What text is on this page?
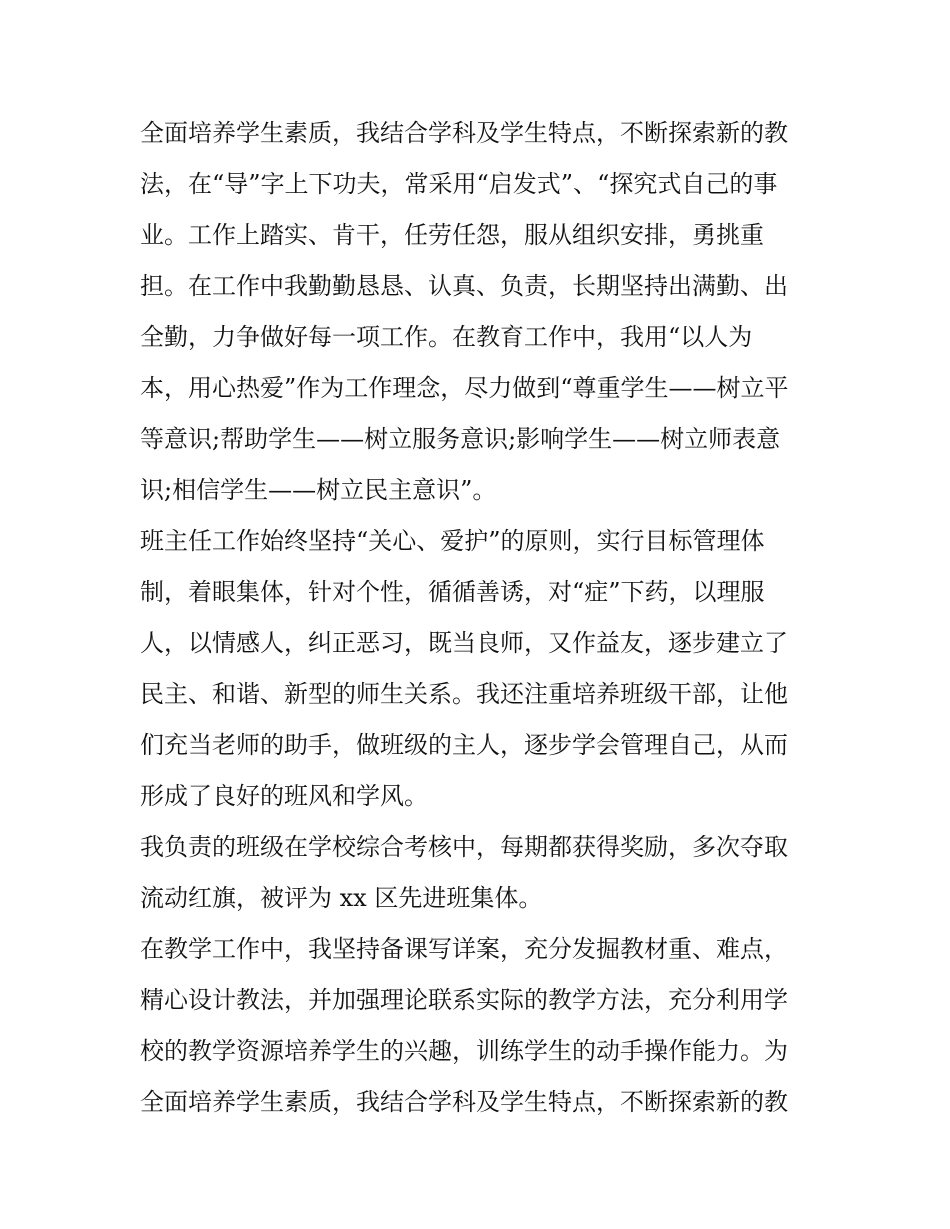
全面培养学生素质，我结合学科及学生特点，不断探索新的教
法，在“导”字上下功夫，常采用“启发式”、“探究式自己的事
业。工作上踏实、肯干，任劳任怨，服从组织安排，勇挑重
担。在工作中我勤勤恳恳、认真、负责，长期坚持出满勤、出
全勤，力争做好每一项工作。在教育工作中，我用“以人为
本，用心热爱”作为工作理念，尽力做到“尊重学生——树立平
等意识;帮助学生——树立服务意识;影响学生——树立师表意
识;相信学生——树立民主意识”。
班主任工作始终坚持“关心、爱护”的原则，实行目标管理体
制，着眼集体，针对个性，循循善诱，对“症”下药，以理服
人，以情感人，纠正恶习，既当良师，又作益友，逐步建立了
民主、和谐、新型的师生关系。我还注重培养班级干部，让他
们充当老师的助手，做班级的主人，逐步学会管理自己，从而
形成了良好的班风和学风。
我负责的班级在学校综合考核中，每期都获得奖励，多次夺取
流动红旗，被评为 xx 区先进班集体。
在教学工作中，我坚持备课写详案，充分发掘教材重、难点，
精心设计教法，并加强理论联系实际的教学方法，充分利用学
校的教学资源培养学生的兴趣，训练学生的动手操作能力。为
全面培养学生素质，我结合学科及学生特点，不断探索新的教
